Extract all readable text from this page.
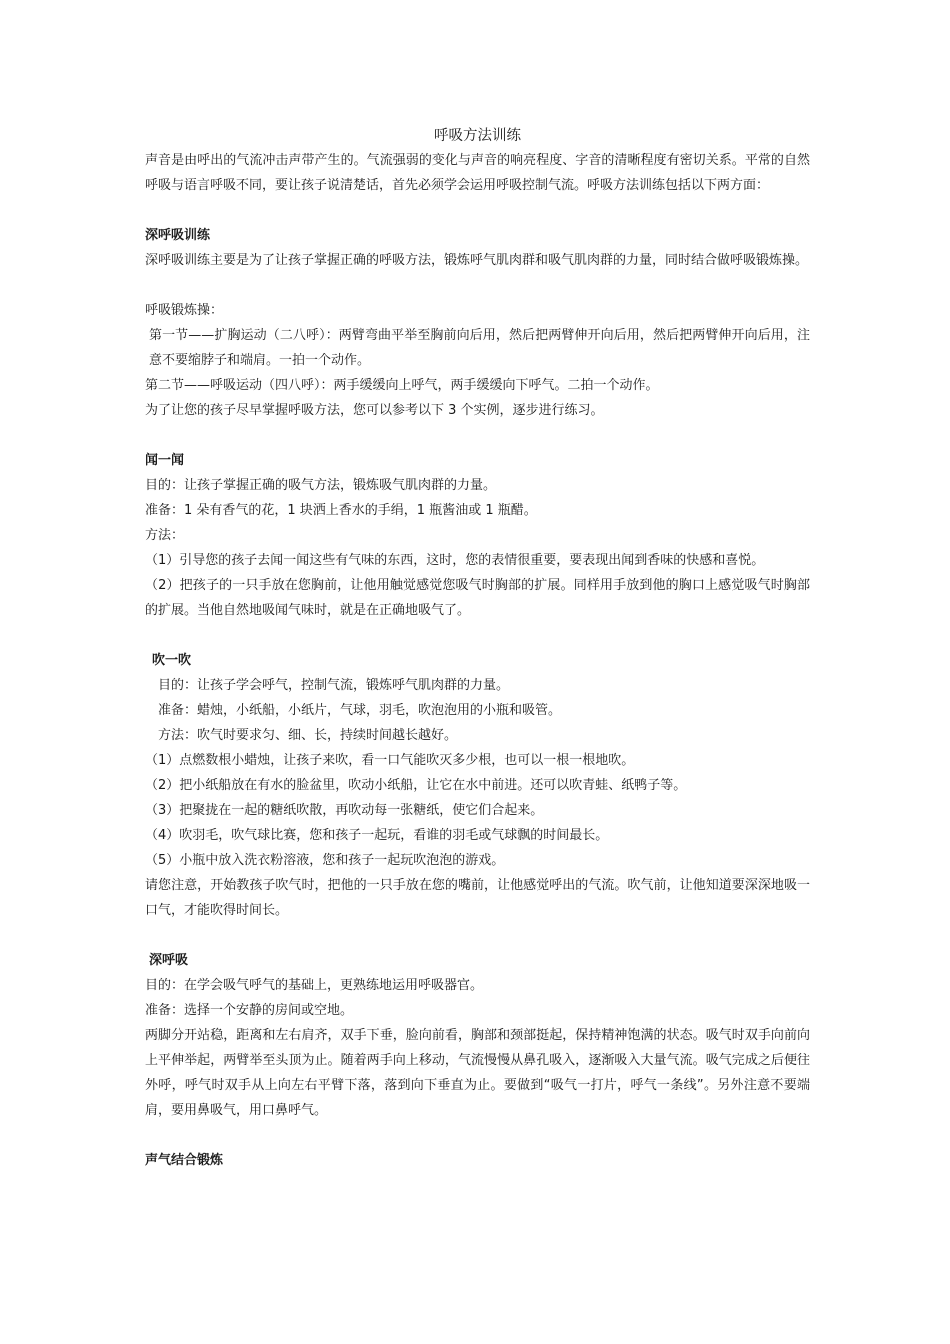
呼吸方法训练

声音是由呼出的气流冲击声带产生的。气流强弱的变化与声音的响亮程度、字音的清晰程度有密切关系。平常的自然呼吸与语言呼吸不同，要让孩子说清楚话，首先必须学会运用呼吸控制气流。呼吸方法训练包括以下两方面：

深呼吸训练

深呼吸训练主要是为了让孩子掌握正确的呼吸方法，锻炼呼气肌肉群和吸气肌肉群的力量，同时结合做呼吸锻炼操。

呼吸锻炼操：

第一节——扩胸运动（二八呼）：两臂弯曲平举至胸前向后用，然后把两臂伸开向后用，然后把两臂伸开向后用，注意不要缩脖子和端肩。一拍一个动作。

第二节——呼吸运动（四八呼）：两手缓缓向上呼气，两手缓缓向下呼气。二拍一个动作。

为了让您的孩子尽早掌握呼吸方法，您可以参考以下 3 个实例，逐步进行练习。

闻一闻

目的：让孩子掌握正确的吸气方法，锻炼吸气肌肉群的力量。

准备：1 朵有香气的花，1 块洒上香水的手绢，1 瓶酱油或 1 瓶醋。

方法：

（1）引导您的孩子去闻一闻这些有气味的东西，这时，您的表情很重要，要表现出闻到香味的快感和喜悦。

（2）把孩子的一只手放在您胸前，让他用触觉感觉您吸气时胸部的扩展。同样用手放到他的胸口上感觉吸气时胸部的扩展。当他自然地吸闻气味时，就是在正确地吸气了。

吹一吹

目的：让孩子学会呼气，控制气流，锻炼呼气肌肉群的力量。

准备：蜡烛，小纸船，小纸片，气球，羽毛，吹泡泡用的小瓶和吸管。

方法：吹气时要求匀、细、长，持续时间越长越好。

（1）点燃数根小蜡烛，让孩子来吹，看一口气能吹灭多少根，也可以一根一根地吹。

（2）把小纸船放在有水的脸盆里，吹动小纸船，让它在水中前进。还可以吹青蛙、纸鸭子等。

（3）把聚拢在一起的糖纸吹散，再吹动每一张糖纸，使它们合起来。

（4）吹羽毛，吹气球比赛，您和孩子一起玩，看谁的羽毛或气球飘的时间最长。

（5）小瓶中放入洗衣粉溶液，您和孩子一起玩吹泡泡的游戏。

请您注意，开始教孩子吹气时，把他的一只手放在您的嘴前，让他感觉呼出的气流。吹气前，让他知道要深深地吸一口气，才能吹得时间长。

深呼吸

目的：在学会吸气呼气的基础上，更熟练地运用呼吸器官。

准备：选择一个安静的房间或空地。

两脚分开站稳，距离和左右肩齐，双手下垂，脸向前看，胸部和颈部挺起，保持精神饱满的状态。吸气时双手向前向上平伸举起，两臂举至头顶为止。随着两手向上移动，气流慢慢从鼻孔吸入，逐渐吸入大量气流。吸气完成之后便往外呼，呼气时双手从上向左右平臂下落，落到向下垂直为止。要做到“吸气一打片，呼气一条线”。另外注意不要端肩，要用鼻吸气，用口鼻呼气。

声气结合锻炼
